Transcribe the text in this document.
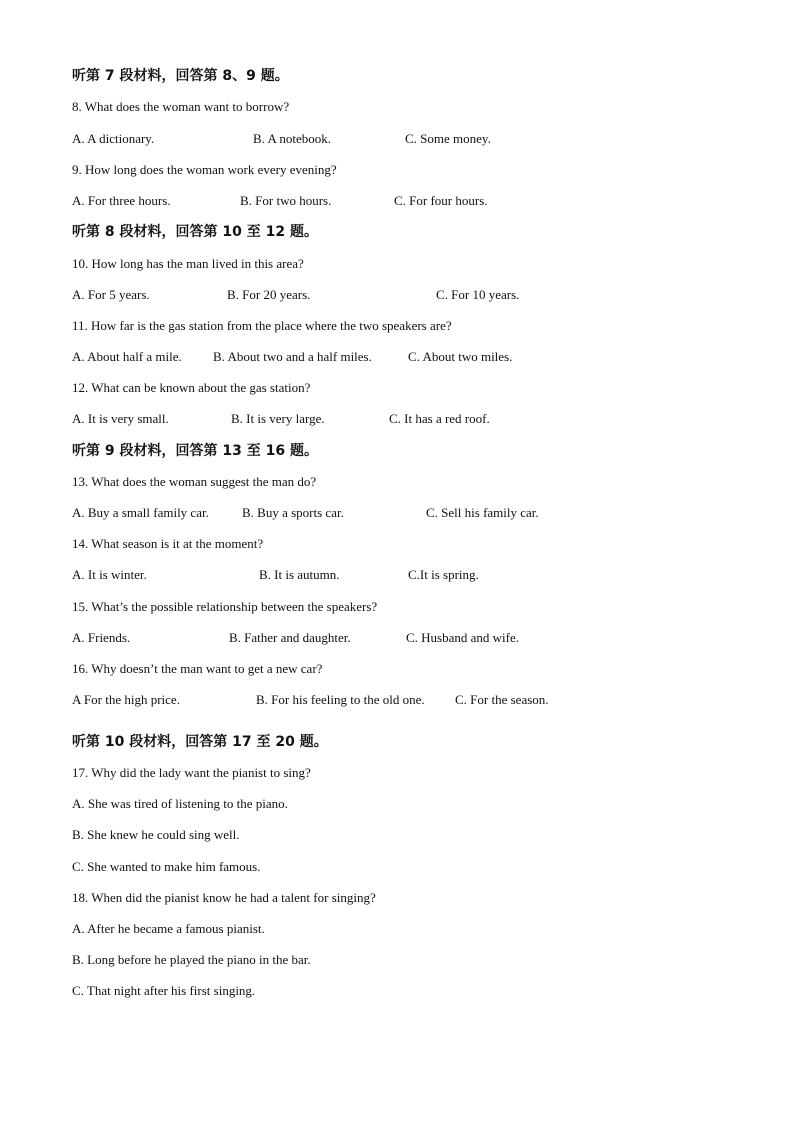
听第 7 段材料，回答第 8、9 题。
8. What does the woman want to borrow?
A. A dictionary.	B. A notebook.	C. Some money.
9. How long does the woman work every evening?
A. For three hours.	B. For two hours.	C. For four hours.
听第 8 段材料，回答第 10 至 12 题。
10. How long has the man lived in this area?
A. For 5 years.	B. For 20 years.	C. For 10 years.
11. How far is the gas station from the place where the two speakers are?
A. About half a mile. B. About two and a half miles.	C. About two miles.
12. What can be known about the gas station?
A. It is very small.	B. It is very large.	C. It has a red roof.
听第 9 段材料，回答第 13 至 16 题。
13. What does the woman suggest the man do?
A. Buy a small family car.	B. Buy a sports car.	C. Sell his family car.
14. What season is it at the moment?
A. It is winter.	B. It is autumn.	C.It is spring.
15. What’s the possible relationship between the speakers?
A. Friends.	B. Father and daughter.	C. Husband and wife.
16. Why doesn’t the man want to get a new car?
A For the high price.	B. For his feeling to the old one. C. For the season.
听第 10 段材料，回答第 17 至 20 题。
17. Why did the lady want the pianist to sing?
A. She was tired of listening to the piano.
B. She knew he could sing well.
C. She wanted to make him famous.
18. When did the pianist know he had a talent for singing?
A. After he became a famous pianist.
B. Long before he played the piano in the bar.
C. That night after his first singing.
